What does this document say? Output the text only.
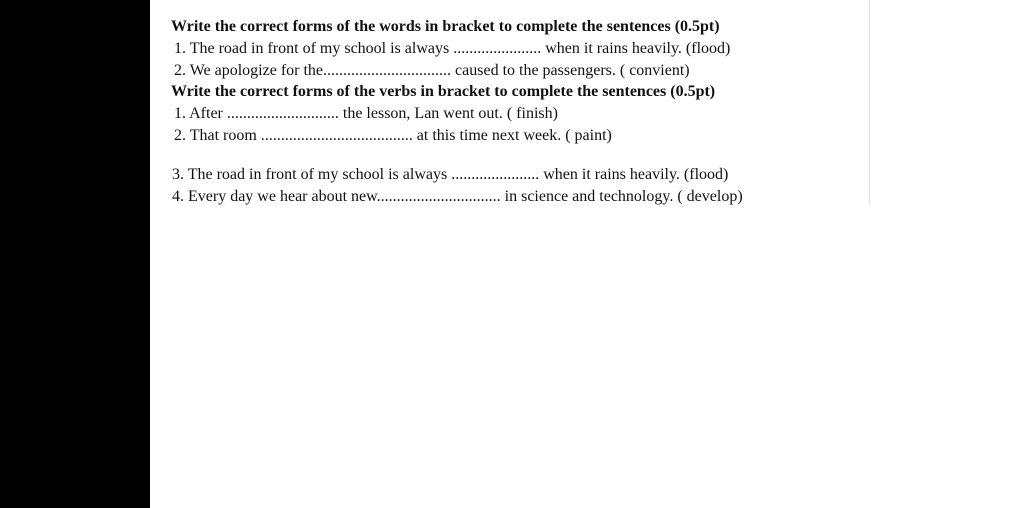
Write the correct forms of the words in bracket to complete the sentences (0.5pt)
1. The road in front of my school is always ...................... when it rains heavily. (flood)
2. We apologize for the................................ caused to the passengers. ( convient)
Write the correct forms of the verbs in bracket to complete the sentences (0.5pt)
1. After ............................ the lesson, Lan went out. ( finish)
2. That room ...................................... at this time next week. ( paint)
3. The road in front of my school is always ...................... when it rains heavily. (flood)
4. Every day we hear about new............................... in science and technology. ( develop)
